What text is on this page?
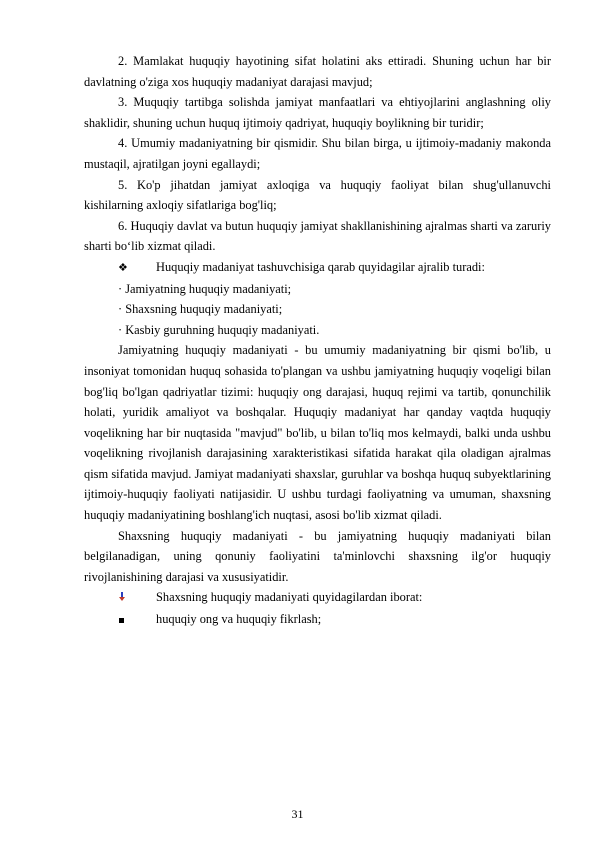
2. Mamlakat huquqiy hayotining sifat holatini aks ettiradi. Shuning uchun har bir davlatning o'ziga xos huquqiy madaniyat darajasi mavjud;

3. Muquqiy tartibga solishda jamiyat manfaatlari va ehtiyojlarini anglashning oliy shaklidir, shuning uchun huquq ijtimoiy qadriyat, huquqiy boylikning bir turidir;

4. Umumiy madaniyatning bir qismidir. Shu bilan birga, u ijtimoiy-madaniy makonda mustaqil, ajratilgan joyni egallaydi;

5. Ko'p jihatdan jamiyat axloqiga va huquqiy faoliyat bilan shug'ullanuvchi kishilarning axloqiy sifatlariga bog'liq;

6. Huquqiy davlat va butun huquqiy jamiyat shakllanishining ajralmas sharti va zaruriy sharti bo‘lib xizmat qiladi.

❖	Huquqiy madaniyat tashuvchisiga qarab quyidagilar ajralib turadi:
· Jamiyatning huquqiy madaniyati;
· Shaxsning huquqiy madaniyati;
· Kasbiy guruhning huquqiy madaniyati.

Jamiyatning huquqiy madaniyati - bu umumiy madaniyatning bir qismi bo'lib, u insoniyat tomonidan huquq sohasida to'plangan va ushbu jamiyatning huquqiy voqeligi bilan bog'liq bo'lgan qadriyatlar tizimi: huquqiy ong darajasi, huquq rejimi va tartib, qonunchilik holati, yuridik amaliyot va boshqalar. Huquqiy madaniyat har qanday vaqtda huquqiy voqelikning har bir nuqtasida "mavjud" bo'lib, u bilan to'liq mos kelmaydi, balki unda ushbu voqelikning rivojlanish darajasining xarakteristikasi sifatida harakat qila oladigan ajralmas qism sifatida mavjud. Jamiyat madaniyati shaxslar, guruhlar va boshqa huquq subyektlarining ijtimoiy-huquqiy faoliyati natijasidir. U ushbu turdagi faoliyatning va umuman, shaxsning huquqiy madaniyatining boshlang'ich nuqtasi, asosi bo'lib xizmat qiladi.

Shaxsning huquqiy madaniyati - bu jamiyatning huquqiy madaniyati bilan belgilanadigan, uning qonuniy faoliyatini ta'minlovchi shaxsning ilg'or huquqiy rivojlanishining darajasi va xususiyatidir.

Shaxsning huquqiy madaniyati quyidagilardan iborat:
huquqiy ong va huquqiy fikrlash;
31
